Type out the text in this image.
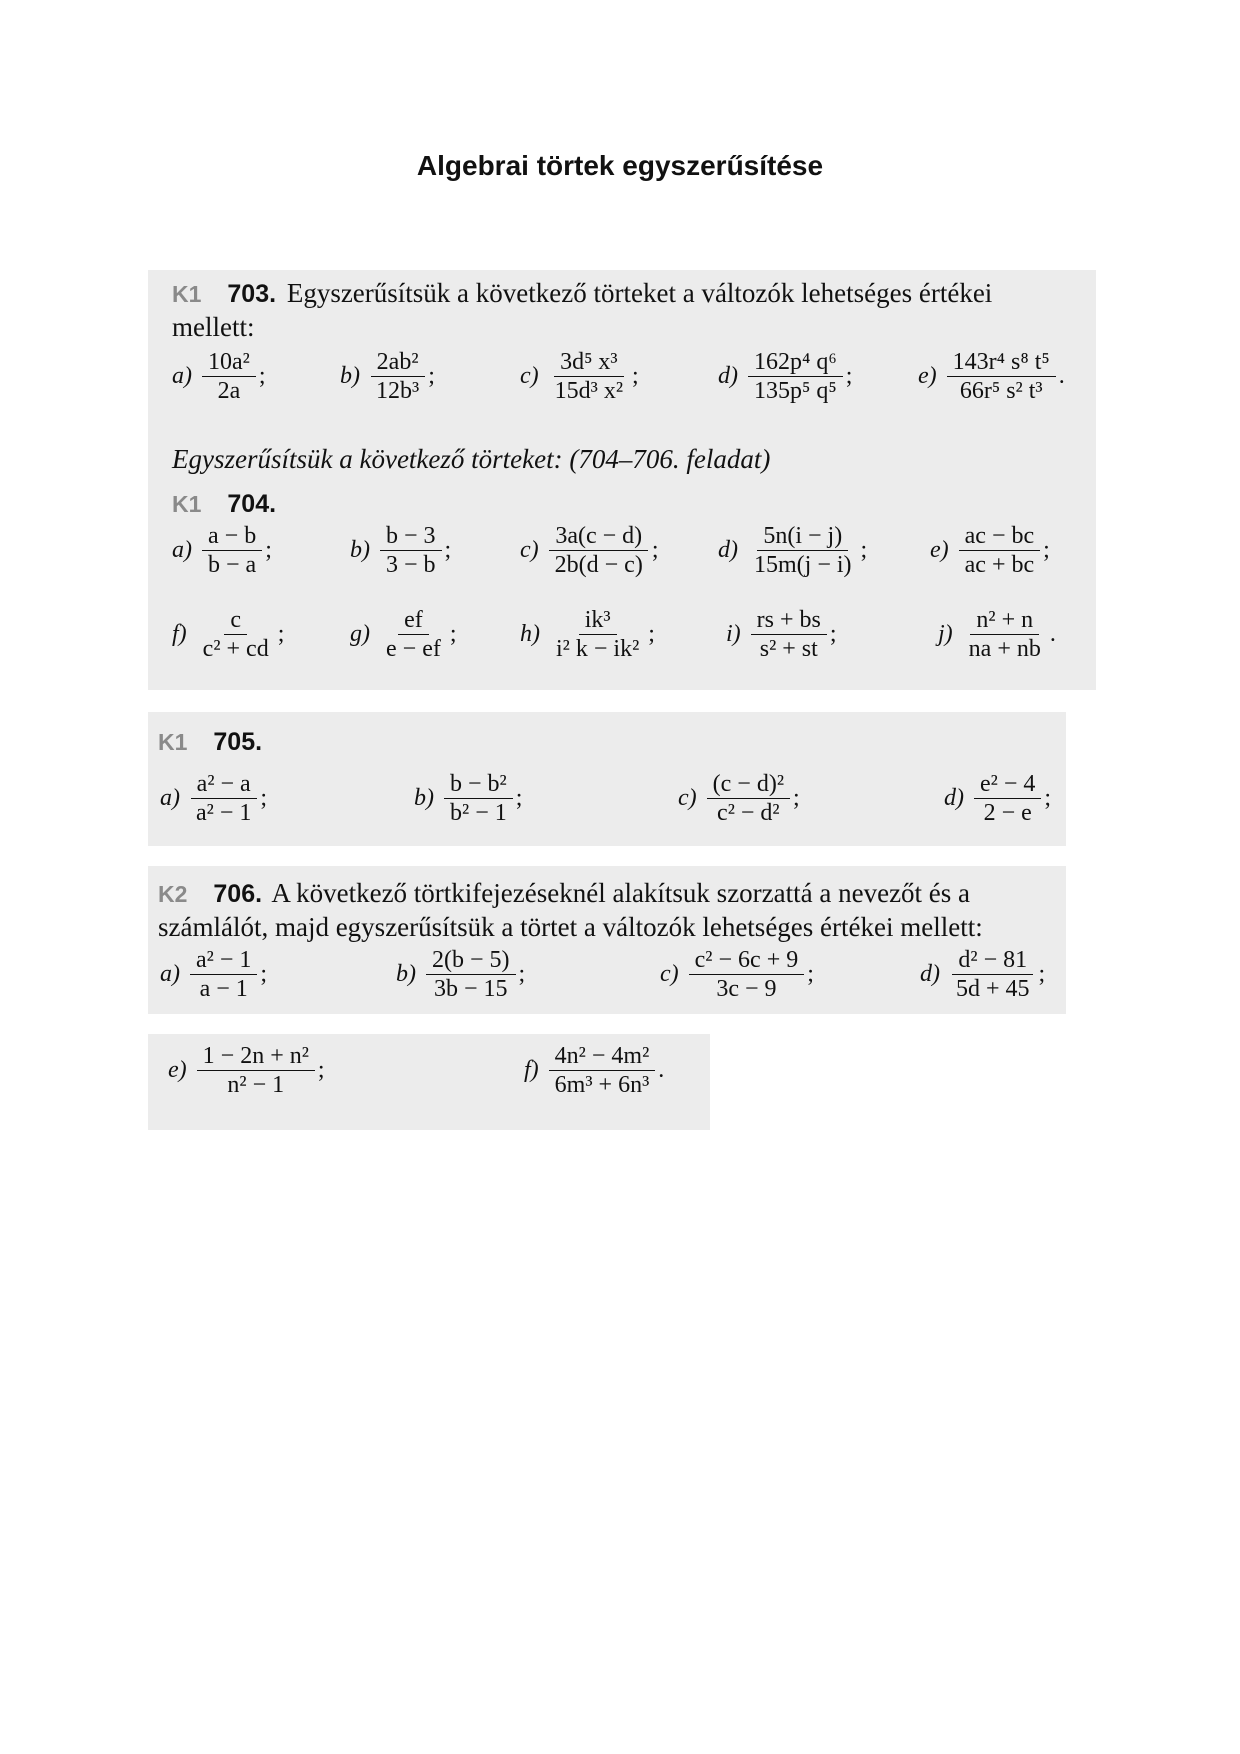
Algebrai törtek egyszerűsítése
K1 703. Egyszerűsítsük a következő törteket a változók lehetséges értékei
mellett:
$a) \frac{\text{10a²}}{2a}$ ;	$b) \frac{\text{2ab²}}{\text{12b³}}$ ;	$c) \frac{\text{3d⁵ x³}}{\text{15d³ x²}}$ ;	$d) \frac{\text{162p⁴ q⁶}}{\text{135p⁵ q⁵}}$ ;	$e) \frac{\text{143r⁴ s⁸ t⁵}}{\text{66r⁵ s² t³}}$ .
Egyszerűsítsük a következő törteket: (704–706. feladat)
K1 704.
$a) \frac{a - b}{b - a}$ ;	$b) \frac{b - 3}{3 - b}$ ;	$c) \frac{3a(c - d)}{2b(d - c)}$ ; $d) \frac{5n(i - j)}{15m(j - i)}$ ;	$e) \frac{ac - bc}{ac + bc}$ ;
$f) \frac{c}{\text{c² + cd}}$ ;	$g) \frac{ef}{e - ef}$ ;	$h) \frac{\text{ik³}}{\text{i² k − ik²}}$ ;	$i) \frac{rs + bs}{\text{s² + st}}$ ;	$j) \frac{\text{n² + n}}{na + nb}$ .
K1 705.
$a) \frac{\text{a² − a}}{\text{a² − 1}}$ ;	$b) \frac{\text{b − b²}}{\text{b² − 1}}$ ;	$c) \frac{\text{(c − d)²}}{\text{c² − d²}}$ ;	$d) \frac{\text{e² − 4}}{2 - e}$ ;
K2 706. A következő törtkifejezéseknél alakítsuk szorzattá a nevezőt és a
számlálót, majd egyszerűsítsük a törtet a változók lehetséges értékei mellett:
$a) \frac{\text{a² − 1}}{a - 1}$ ;	$b) \frac{2(b - 5)}{3b - 15}$ ;	$c) \frac{\text{c² − 6c + 9}}{3c - 9}$ ;	$d) \frac{\text{d² − 81}}{5d + 45}$ ;
$e) \frac{\text{1 − 2n + n²}}{\text{n² − 1}}$ ;	$f) \frac{\text{4n² − 4m²}}{\text{6m³ + 6n³}}$ .
